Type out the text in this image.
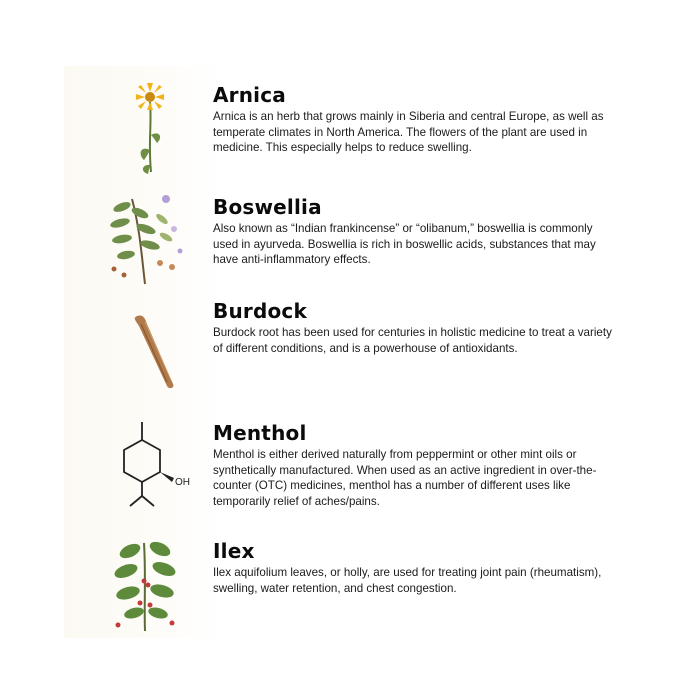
Arnica

Arnica is an herb that grows mainly in Siberia and central Europe, as well as temperate climates in North America. The flowers of the plant are used in medicine. This especially helps to reduce swelling.

Boswellia

Also known as “Indian frankincense” or “olibanum,” boswellia is commonly used in ayurveda. Boswellia is rich in boswellic acids, substances that may have anti-inflammatory effects.

Burdock

Burdock root has been used for centuries in holistic medicine to treat a variety of different conditions, and is a powerhouse of antioxidants.

OH
Menthol

Menthol is either derived naturally from peppermint or other mint oils or synthetically manufactured. When used as an active ingredient in over-the-counter (OTC) medicines, menthol has a number of different uses like temporarily relief of aches/pains.

Ilex

Ilex aquifolium leaves, or holly, are used for treating joint pain (rheumatism), swelling, water retention, and chest congestion.
